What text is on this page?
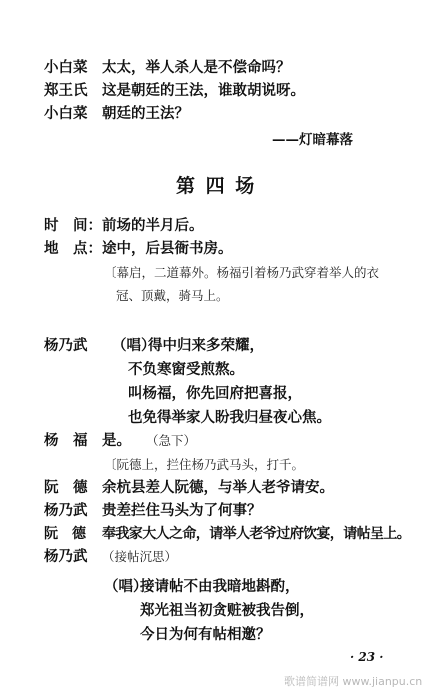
小白菜 太太，举人杀人是不偿命吗？
郑王氏 这是朝廷的王法，谁敢胡说呀。
小白菜 朝廷的王法？
——灯暗幕落
第 四 场
时　间：前场的半月后。
地　点：途中，后县衙书房。
〔幕启，二道幕外。杨福引着杨乃武穿着举人的衣
冠、顶戴，骑马上。
杨乃武 （唱）
得中归来多荣耀，
不负寒窗受煎熬。
叫杨福，你先回府把喜报，
也免得举家人盼我归昼夜心焦。
杨　福 是。 （急下）
〔阮德上，拦住杨乃武马头，打千。
阮　德 余杭县差人阮德，与举人老爷请安。
杨乃武 贵差拦住马头为了何事？
阮　德 奉我家大人之命，请举人老爷过府饮宴，请帖呈上。
杨乃武 （接帖沉思）
（唱）
接请帖不由我暗地斟酌，
郑光祖当初贪赃被我告倒，
今日为何有帖相邀？
· 23 ·
歌谱简谱网 www.jianpu.cn
